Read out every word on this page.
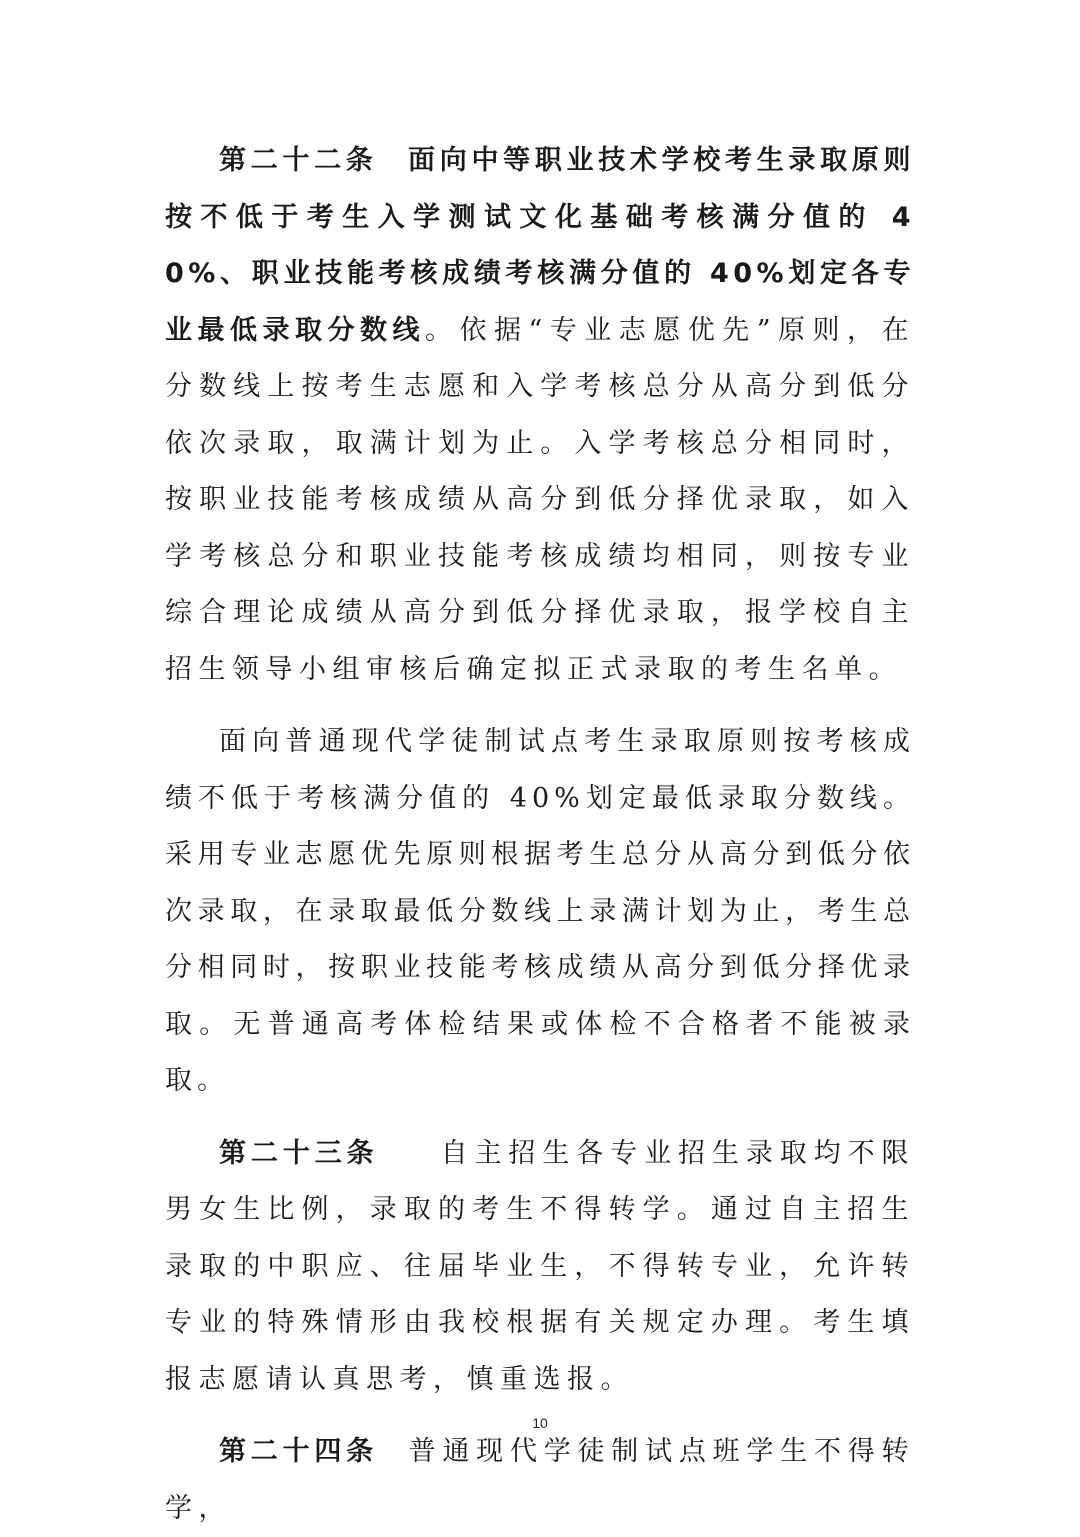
第二十二条 面向中等职业技术学校考生录取原则按不低于考生入学测试文化基础考核满分值的 40%、职业技能考核成绩考核满分值的 40%划定各专业最低录取分数线。依据“专业志愿优先”原则，在分数线上按考生志愿和入学考核总分从高分到低分依次录取，取满计划为止。入学考核总分相同时，按职业技能考核成绩从高分到低分择优录取，如入学考核总分和职业技能考核成绩均相同，则按专业综合理论成绩从高分到低分择优录取，报学校自主招生领导小组审核后确定拟正式录取的考生名单。

面向普通现代学徒制试点考生录取原则按考核成绩不低于考核满分值的 40%划定最低录取分数线。采用专业志愿优先原则根据考生总分从高分到低分依次录取，在录取最低分数线上录满计划为止，考生总分相同时，按职业技能考核成绩从高分到低分择优录取。无普通高考体检结果或体检不合格者不能被录取。

第二十三条 自主招生各专业招生录取均不限男女生比例，录取的考生不得转学。通过自主招生录取的中职应、往届毕业生，不得转专业，允许转专业的特殊情形由我校根据有关规定办理。考生填报志愿请认真思考，慎重选报。

第二十四条 普通现代学徒制试点班学生不得转学，

10
